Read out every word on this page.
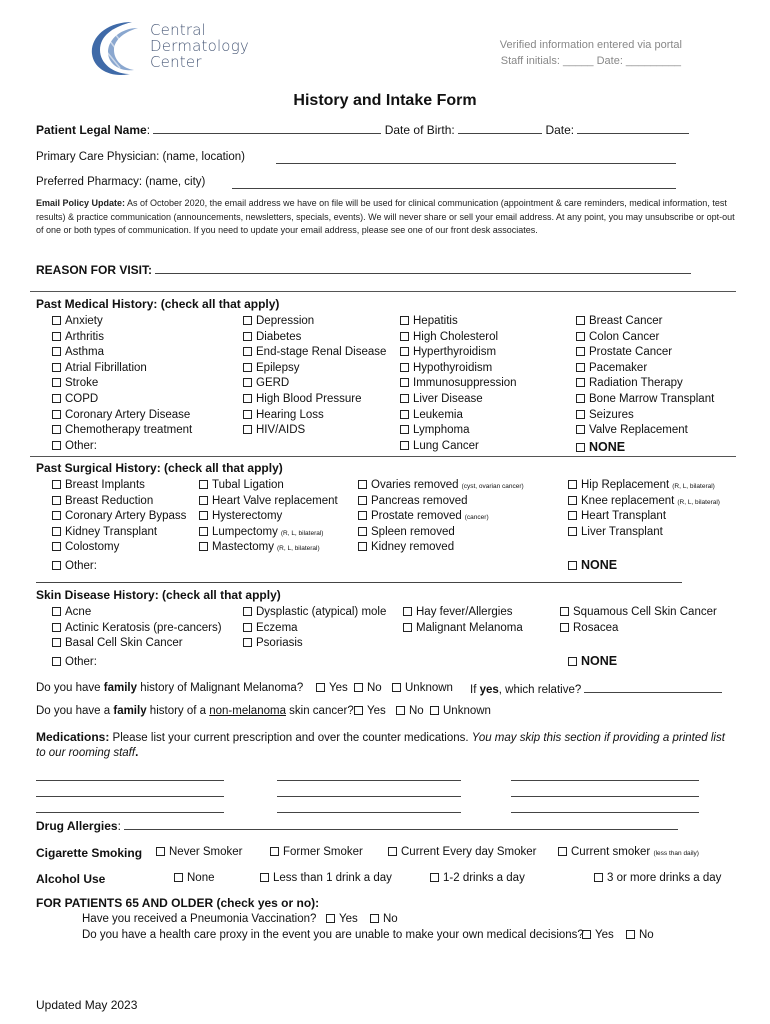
Central
Dermatology
Center
Verified information entered via portal
Staff initials: _____ Date: _________
History and Intake Form
Patient Legal Name:	Date of Birth:	Date:
Primary Care Physician: (name, location)
Preferred Pharmacy: (name, city)
Email Policy Update: As of October 2020, the email address we have on file will be used for clinical communication (appointment & care reminders, medical information, test results) & practice communication (announcements, newsletters, specials, events). We will never share or sell your email address. At any point, you may unsubscribe or opt-out of one or both types of communication. If you need to update your email address, please see one of our front desk associates.
REASON FOR VISIT:
Past Medical History: (check all that apply)
Anxiety
Arthritis
Asthma
Atrial Fibrillation
Stroke
COPD
Coronary Artery Disease
Chemotherapy treatment
Other:
Depression
Diabetes
End-stage Renal Disease
Epilepsy
GERD
High Blood Pressure
Hearing Loss
HIV/AIDS
Hepatitis
High Cholesterol
Hyperthyroidism
Hypothyroidism
Immunosuppression
Liver Disease
Leukemia
Lymphoma
Lung Cancer
Breast Cancer
Colon Cancer
Prostate Cancer
Pacemaker
Radiation Therapy
Bone Marrow Transplant
Seizures
Valve Replacement
NONE
Past Surgical History: (check all that apply)
Breast Implants
Breast Reduction
Coronary Artery Bypass
Kidney Transplant
Colostomy
Tubal Ligation
Heart Valve replacement
Hysterectomy
Lumpectomy (R, L, bilateral)
Mastectomy (R, L, bilateral)
Ovaries removed (cyst, ovarian cancer)
Pancreas removed
Prostate removed (cancer)
Spleen removed
Kidney removed
Hip Replacement (R, L, bilateral)
Knee replacement (R, L, bilateral)
Heart Transplant
Liver Transplant
Other:	NONE
Skin Disease History: (check all that apply)
Acne
Actinic Keratosis (pre-cancers)
Basal Cell Skin Cancer
Dysplastic (atypical) mole
Eczema
Psoriasis
Hay fever/Allergies
Malignant Melanoma
Squamous Cell Skin Cancer
Rosacea
Other:	NONE
Do you have family history of Malignant Melanoma?	Yes	No	Unknown If yes, which relative?
Do you have a family history of a non-melanoma skin cancer?	Yes	No	Unknown
Medications: Please list your current prescription and over the counter medications. You may skip this section if providing a printed list to our rooming staff.
Drug Allergies:
Cigarette Smoking	Never Smoker	Former Smoker	Current Every day Smoker	Current smoker (less than daily)
Alcohol Use	None	Less than 1 drink a day	1-2 drinks a day	3 or more drinks a day
FOR PATIENTS 65 AND OLDER (check yes or no):
Have you received a Pneumonia Vaccination?	Yes	No
Do you have a health care proxy in the event you are unable to make your own medical decisions? Yes	No
Updated May 2023
